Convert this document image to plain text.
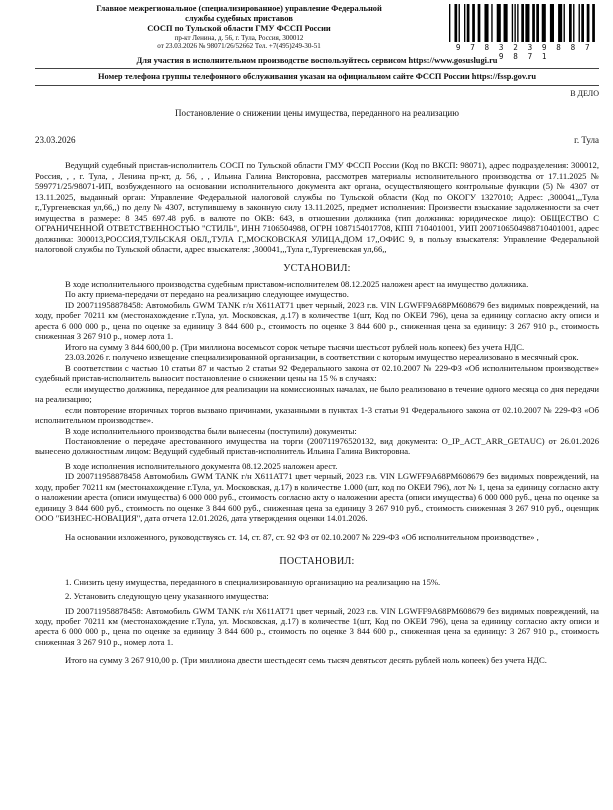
Главное межрегиональное (специализированное) управление Федеральной
службы судебных приставов
СОСП по Тульской области ГМУ ФССП России
пр-кт Ленина, д. 56, г. Тула, Россия, 300012
от 23.03.2026 № 98071/26/52662 Тел. +7(495)249-30-51	9 7 8 3 2 3 9 8 8 7 9 8 7 1
Для участия в исполнительном производстве воспользуйтесь сервисом https://www.gosuslugi.ru
Номер телефона группы телефонного обслуживания указан на официальном сайте ФССП России https://fssp.gov.ru
В ДЕЛО
Постановление о снижении цены имущества, переданного на реализацию
23.03.2026	г. Тула

Ведущий судебный пристав-исполнитель СОСП по Тульской области ГМУ ФССП России (Код по ВКСП: 98071), адрес подразделения: 300012, Россия, , , г. Тула, , Ленина пр-кт, д. 56, , , Ильина Галина Викторовна, рассмотрев материалы исполнительного производства от 17.11.2025 № 599771/25/98071-ИП, возбужденного на основании исполнительного документа акт органа, осуществляющего контрольные функции (5) № 4307 от 13.11.2025, выданный орган: Управление Федеральной налоговой службы по Тульской области (Код по ОКОГУ 1327010; Адрес: ,300041,,,Тула г,,Тургеневская ул,66,,) по делу № 4307, вступившему в законную силу 13.11.2025, предмет исполнения: Произвести взыскание задолженности за счет имущества в размере: 8 345 697.48 руб. в валюте по ОКВ: 643, в отношении должника (тип должника: юридическое лицо): ОБЩЕСТВО С ОГРАНИЧЕННОЙ ОТВЕТСТВЕННОСТЬЮ "СТИЛЬ", ИНН 7106504988, ОГРН 1087154017708, КПП 710401001, УИП 2007106504988710401001, адрес должника: 300013,РОССИЯ,ТУЛЬСКАЯ ОБЛ,,ТУЛА Г,,МОСКОВСКАЯ УЛИЦА,ДОМ 17,,ОФИС 9, в пользу взыскателя: Управление Федеральной налоговой службы по Тульской области, адрес взыскателя: ,300041,,,Тула г,,Тургеневская ул,66,,

УСТАНОВИЛ:

В ходе исполнительного производства судебным приставом-исполнителем 08.12.2025 наложен арест на имущество должника.

По акту приема-передачи от передано на реализацию следующее имущество.

ID 200711958878458: Автомобиль GWM TANK г/н Х611АТ71 цвет черный, 2023 г.в. VIN LGWFF9A68PM608679 без видимых повреждений, на ходу, пробег 70211 км (местонахождение г.Тула, ул. Московская, д.17) в количестве 1(шт, Код по ОКЕИ 796), цена за единицу согласно акту описи и ареста 6 000 000 р., цена по оценке за единицу 3 844 600 р., стоимость по оценке 3 844 600 р., сниженная цена за единицу: 3 267 910 р., стоимость сниженная 3 267 910 р., номер лота 1.

Итого на сумму 3 844 600,00 р. (Три миллиона восемьсот сорок четыре тысячи шестьсот рублей ноль копеек) без учета НДС.

23.03.2026 г. получено извещение специализированной организации, в соответствии с которым имущество нереализовано в месячный срок.

В соответствии с частью 10 статьи 87 и частью 2 статьи 92 Федерального закона от 02.10.2007 № 229-ФЗ «Об исполнительном производстве» судебный пристав-исполнитель выносит постановление о снижении цены на 15 % в случаях:

если имущество должника, переданное для реализации на комиссионных началах, не было реализовано в течение одного месяца со дня передачи на реализацию;

если повторение вторичных торгов вызвано причинами, указанными в пунктах 1-3 статьи 91 Федерального закона от 02.10.2007 № 229-ФЗ «Об исполнительном производстве».

В ходе исполнительного производства были вынесены (поступили) документы:

Постановление о передаче арестованного имущества на торги (200711976520132, вид документа: O_IP_ACT_ARR_GETAUC) от 26.01.2026 вынесено должностным лицом: Ведущий судебный пристав-исполнитель Ильина Галина Викторовна.

В ходе исполнения исполнительного документа 08.12.2025 наложен арест.

ID 200711958878458 Автомобиль GWM TANK г/н Х611АТ71 цвет черный, 2023 г.в. VIN LGWFF9A68PM608679 без видимых повреждений, на ходу, пробег 70211 км (местонахождение г.Тула, ул. Московская, д.17) в количестве 1.000 (шт, код по ОКЕИ 796), лот № 1, цена за единицу согласно акту о наложении ареста (описи имущества) 6 000 000 руб., стоимость согласно акту о наложении ареста (описи имущества) 6 000 000 руб., цена по оценке за единицу 3 844 600 руб., стоимость по оценке 3 844 600 руб., сниженная цена за единицу 3 267 910 руб., стоимость сниженная 3 267 910 руб., оценщик ООО "БИЗНЕС-НОВАЦИЯ", дата отчета 12.01.2026, дата утверждения оценки 14.01.2026.

На основании изложенного, руководствуясь ст. 14, ст. 87, ст. 92 ФЗ от 02.10.2007 № 229-ФЗ «Об исполнительном производстве» ,

ПОСТАНОВИЛ:

1. Снизить цену имущества, переданного в специализированную организацию на реализацию на 15%.

2. Установить следующую цену указанного имущества:

ID 200711958878458: Автомобиль GWM TANK г/н Х611АТ71 цвет черный, 2023 г.в. VIN LGWFF9A68PM608679 без видимых повреждений, на ходу, пробег 70211 км (местонахождение г.Тула, ул. Московская, д.17) в количестве 1(шт, Код по ОКЕИ 796), цена за единицу согласно акту описи и ареста 6 000 000 р., цена по оценке за единицу 3 844 600 р., стоимость по оценке 3 844 600 р., сниженная цена за единицу: 3 267 910 р., стоимость сниженная 3 267 910 р., номер лота 1.

Итого на сумму 3 267 910,00 р. (Три миллиона двести шестьдесят семь тысяч девятьсот десять рублей ноль копеек) без учета НДС.
